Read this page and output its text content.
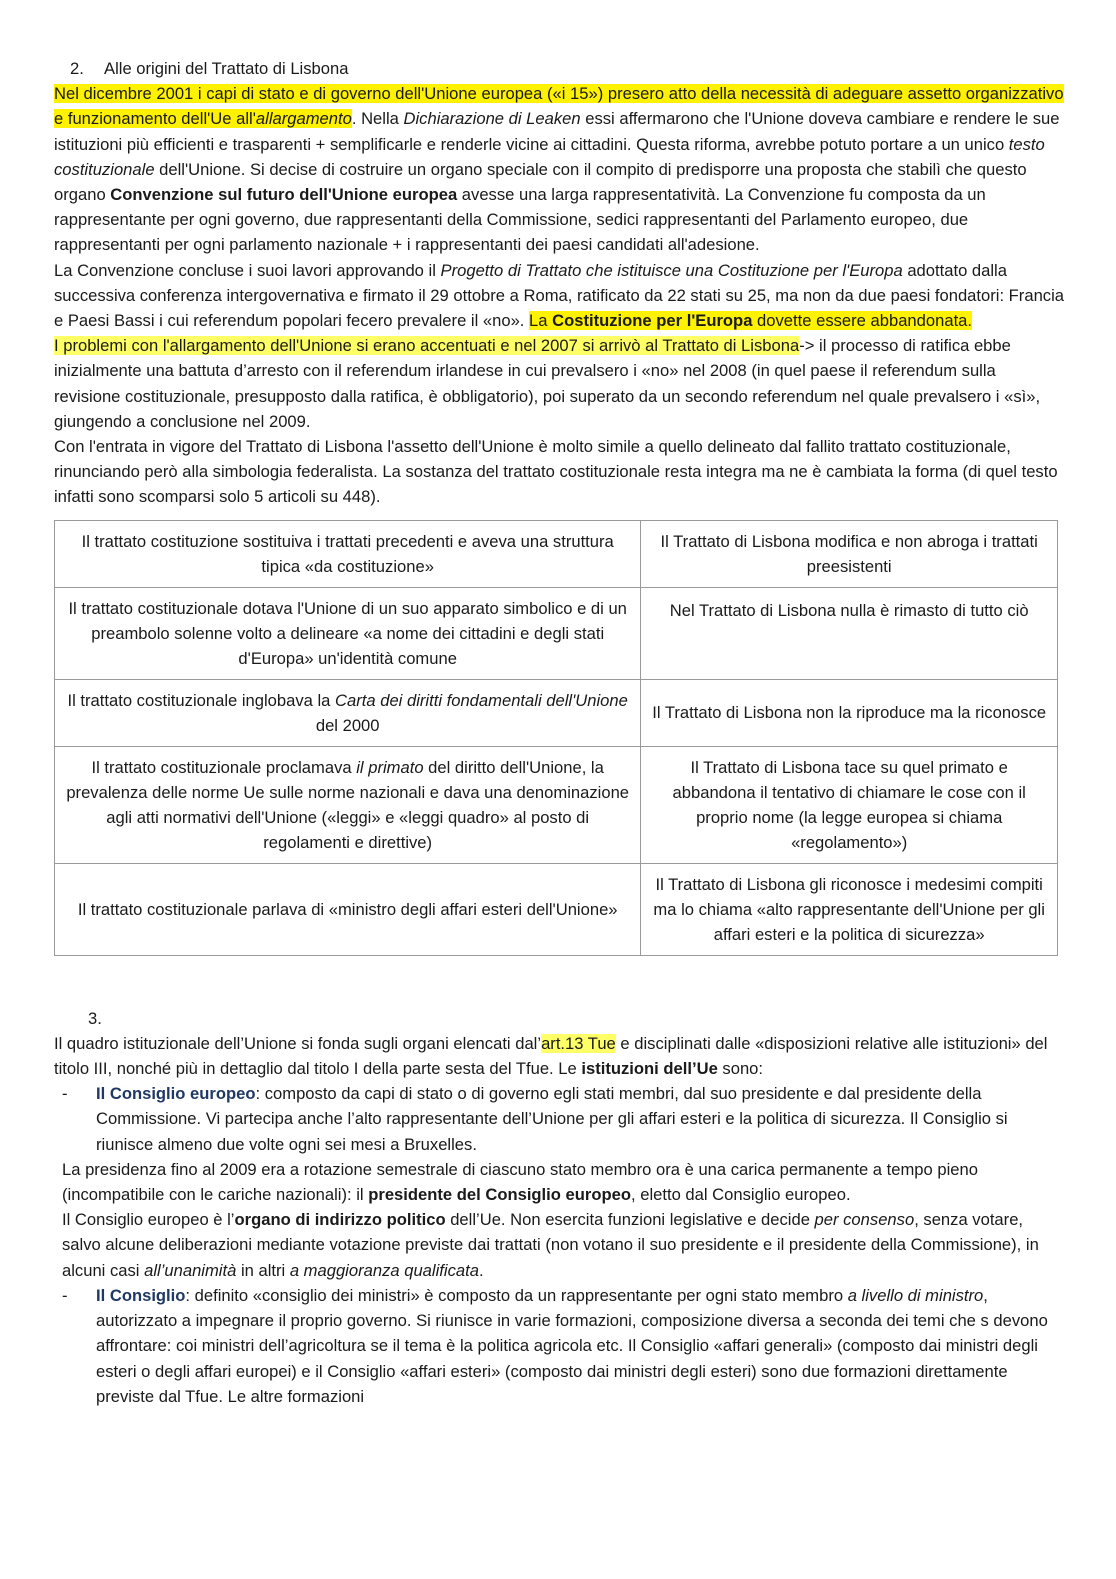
2. Alle origini del Trattato di Lisbona

Nel dicembre 2001 i capi di stato e di governo dell'Unione europea («i 15») presero atto della necessità di adeguare assetto organizzativo e funzionamento dell'Ue all'allargamento. Nella Dichiarazione di Leaken essi affermarono che l'Unione doveva cambiare e rendere le sue istituzioni più efficienti e trasparenti + semplificarle e renderle vicine ai cittadini. Questa riforma, avrebbe potuto portare a un unico testo costituzionale dell'Unione. Si decise di costruire un organo speciale con il compito di predisporre una proposta che stabilì che questo organo Convenzione sul futuro dell'Unione europea avesse una larga rappresentatività. La Convenzione fu composta da un rappresentante per ogni governo, due rappresentanti della Commissione, sedici rappresentanti del Parlamento europeo, due rappresentanti per ogni parlamento nazionale + i rappresentanti dei paesi candidati all'adesione.

La Convenzione concluse i suoi lavori approvando il Progetto di Trattato che istituisce una Costituzione per l'Europa adottato dalla successiva conferenza intergovernativa e firmato il 29 ottobre a Roma, ratificato da 22 stati su 25, ma non da due paesi fondatori: Francia e Paesi Bassi i cui referendum popolari fecero prevalere il «no». La Costituzione per l'Europa dovette essere abbandonata.

I problemi con l'allargamento dell'Unione si erano accentuati e nel 2007 si arrivò al Trattato di Lisbona-> il processo di ratifica ebbe inizialmente una battuta d’arresto con il referendum irlandese in cui prevalsero i «no» nel 2008 (in quel paese il referendum sulla revisione costituzionale, presupposto dalla ratifica, è obbligatorio), poi superato da un secondo referendum nel quale prevalsero i «sì», giungendo a conclusione nel 2009.

Con l'entrata in vigore del Trattato di Lisbona l'assetto dell'Unione è molto simile a quello delineato dal fallito trattato costituzionale, rinunciando però alla simbologia federalista. La sostanza del trattato costituzionale resta integra ma ne è cambiata la forma (di quel testo infatti sono scomparsi solo 5 articoli su 448).

Il trattato costituzione sostituiva i trattati precedenti e aveva una struttura tipica «da costituzione»	Il Trattato di Lisbona modifica e non abroga i trattati preesistenti
Il trattato costituzionale dotava l'Unione di un suo apparato simbolico e di un preambolo solenne volto a delineare «a nome dei cittadini e degli stati d'Europa» un'identità comune	Nel Trattato di Lisbona nulla è rimasto di tutto ciò
Il trattato costituzionale inglobava la Carta dei diritti fondamentali dell'Unione del 2000	Il Trattato di Lisbona non la riproduce ma la riconosce
Il trattato costituzionale proclamava il primato del diritto dell'Unione, la prevalenza delle norme Ue sulle norme nazionali e dava una denominazione agli atti normativi dell'Unione («leggi» e «leggi quadro» al posto di regolamenti e direttive)	Il Trattato di Lisbona tace su quel primato e abbandona il tentativo di chiamare le cose con il proprio nome (la legge europea si chiama «regolamento»)
Il trattato costituzionale parlava di «ministro degli affari esteri dell'Unione»	Il Trattato di Lisbona gli riconosce i medesimi compiti ma lo chiama «alto rappresentante dell'Unione per gli affari esteri e la politica di sicurezza»

3.

Il quadro istituzionale dell’Unione si fonda sugli organi elencati dal’art.13 Tue e disciplinati dalle «disposizioni relative alle istituzioni» del titolo III, nonché più in dettaglio dal titolo I della parte sesta del Tfue. Le istituzioni dell’Ue sono:

-	Il Consiglio europeo: composto da capi di stato o di governo egli stati membri, dal suo presidente e dal presidente della Commissione. Vi partecipa anche l’alto rappresentante dell’Unione per gli affari esteri e la politica di sicurezza. Il Consiglio si riunisce almeno due volte ogni sei mesi a Bruxelles.

La presidenza fino al 2009 era a rotazione semestrale di ciascuno stato membro ora è una carica permanente a tempo pieno (incompatibile con le cariche nazionali): il presidente del Consiglio europeo, eletto dal Consiglio europeo.

Il Consiglio europeo è l’organo di indirizzo politico dell’Ue. Non esercita funzioni legislative e decide per consenso, senza votare, salvo alcune deliberazioni mediante votazione previste dai trattati (non votano il suo presidente e il presidente della Commissione), in alcuni casi all’unanimità in altri a maggioranza qualificata.

-	Il Consiglio: definito «consiglio dei ministri» è composto da un rappresentante per ogni stato membro a livello di ministro, autorizzato a impegnare il proprio governo. Si riunisce in varie formazioni, composizione diversa a seconda dei temi che s devono affrontare: coi ministri dell’agricoltura se il tema è la politica agricola etc. Il Consiglio «affari generali» (composto dai ministri degli esteri o degli affari europei) e il Consiglio «affari esteri» (composto dai ministri degli esteri) sono due formazioni direttamente previste dal Tfue. Le altre formazioni
